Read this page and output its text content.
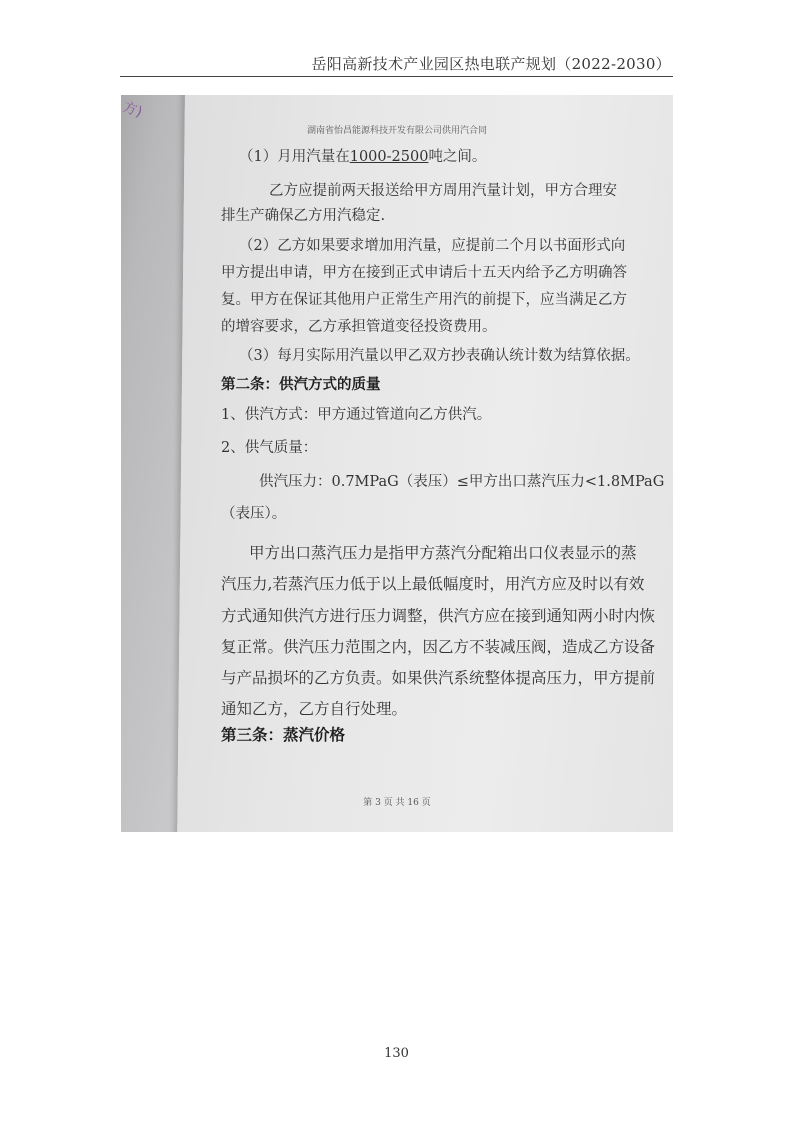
岳阳高新技术产业园区热电联产规划（2022-2030）
方)
湖南省怡昌能源科技开发有限公司供用汽合同
（1）月用汽量在1000-2500吨之间。
乙方应提前两天报送给甲方周用汽量计划，甲方合理安
排生产确保乙方用汽稳定.
（2）乙方如果要求增加用汽量，应提前二个月以书面形式向
甲方提出申请，甲方在接到正式申请后十五天内给予乙方明确答
复。甲方在保证其他用户正常生产用汽的前提下，应当满足乙方
的增容要求，乙方承担管道变径投资费用。
（3）每月实际用汽量以甲乙双方抄表确认统计数为结算依据。
第二条：供汽方式的质量
1、供汽方式：甲方通过管道向乙方供汽。
2、供气质量：
供汽压力：0.7MPaG（表压）≤甲方出口蒸汽压力<1.8MPaG
（表压）。
甲方出口蒸汽压力是指甲方蒸汽分配箱出口仪表显示的蒸
汽压力,若蒸汽压力低于以上最低幅度时，用汽方应及时以有效
方式通知供汽方进行压力调整，供汽方应在接到通知两小时内恢
复正常。供汽压力范围之内，因乙方不装减压阀，造成乙方设备
与产品损坏的乙方负责。如果供汽系统整体提高压力，甲方提前
通知乙方，乙方自行处理。
第三条：蒸汽价格
第 3 页 共 16 页
130
